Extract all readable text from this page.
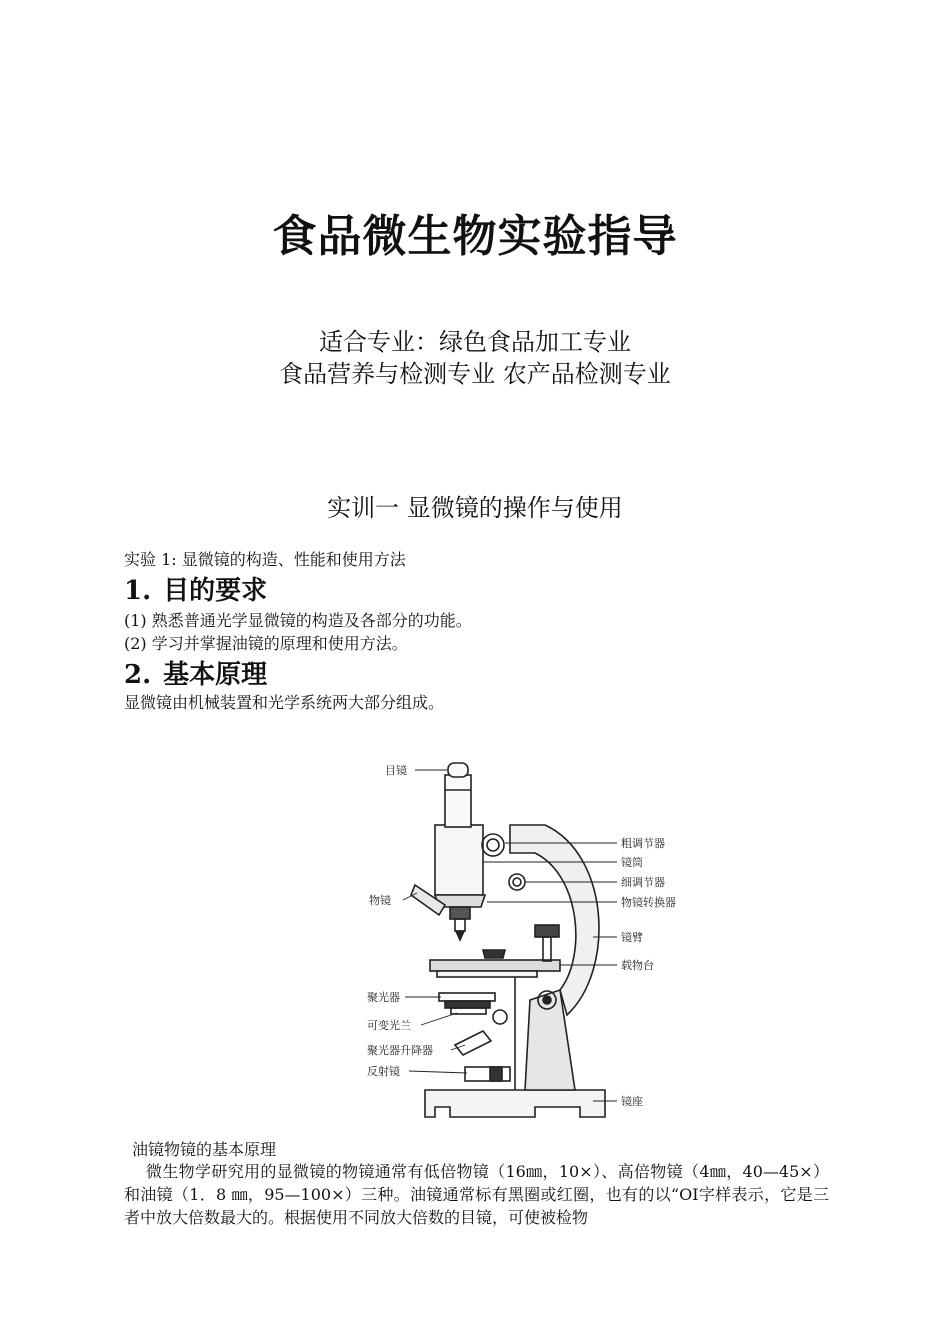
食品微生物实验指导
适合专业：绿色食品加工专业
食品营养与检测专业 农产品检测专业
实训一 显微镜的操作与使用
实验 1: 显微镜的构造、性能和使用方法
1. 目的要求
(1) 熟悉普通光学显微镜的构造及各部分的功能。
(2) 学习并掌握油镜的原理和使用方法。
2. 基本原理
显微镜由机械装置和光学系统两大部分组成。
目镜
粗调节器
镜筒
细调节器
物镜转换器
物镜
镜臂
载物台
聚光器
可变光兰
聚光器升降器
反射镜
镜座
油镜物镜的基本原理

微生物学研究用的显微镜的物镜通常有低倍物镜（16㎜，10×）、高倍物镜（4㎜，40—45×）和油镜（1．8 ㎜，95—100×）三种。油镜通常标有黑圈或红圈，也有的以“OI字样表示，它是三者中放大倍数最大的。根据使用不同放大倍数的目镜，可使被检物
